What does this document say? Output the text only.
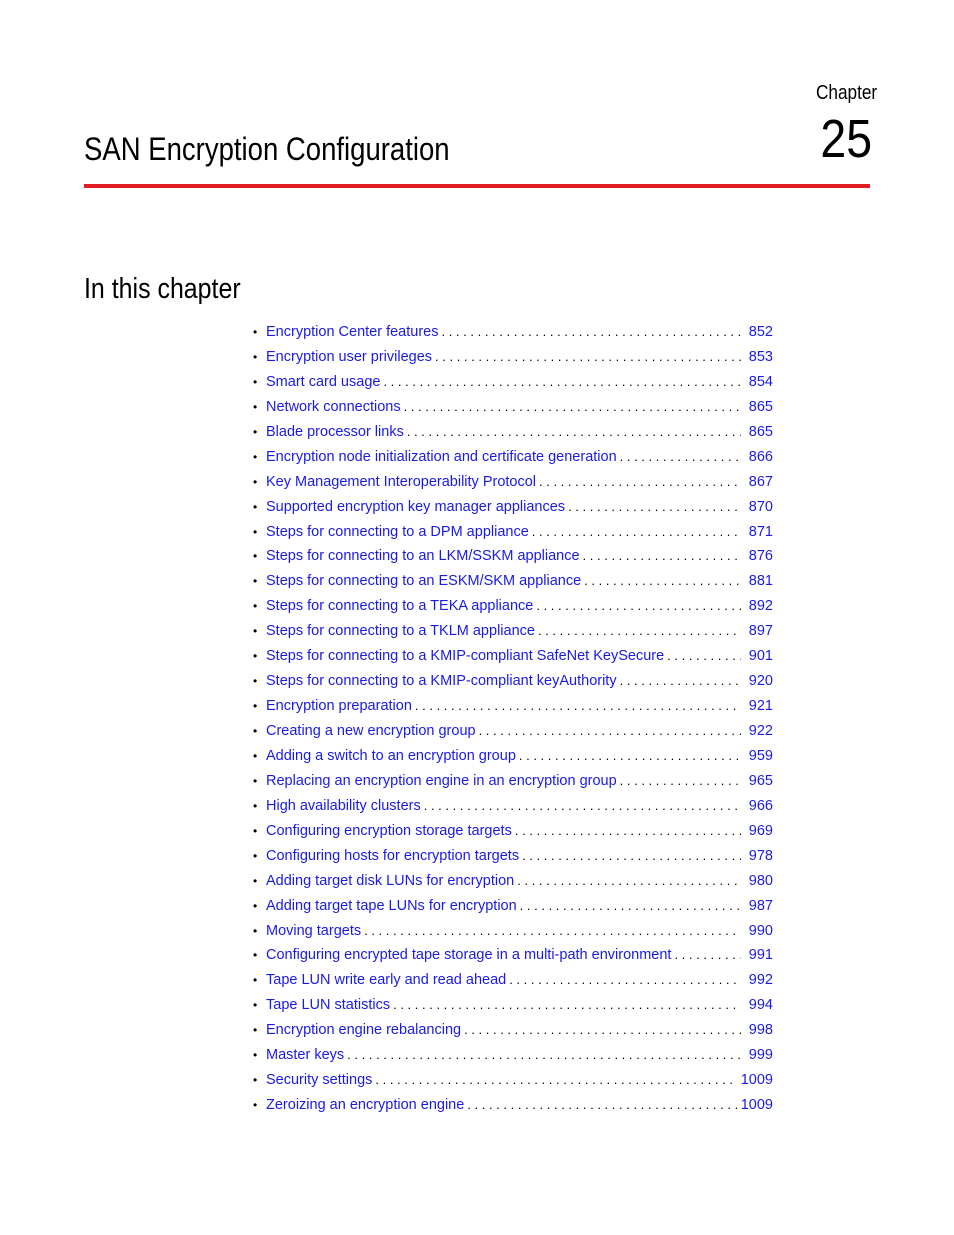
Chapter
25
SAN Encryption Configuration
In this chapter
• Encryption Center features . . .	852
• Encryption user privileges . . .	853
• Smart card usage . . .	854
• Network connections . . .	865
• Blade processor links . . .	865
• Encryption node initialization and certificate generation . . .	866
• Key Management Interoperability Protocol . . .	867
• Supported encryption key manager appliances . . .	870
• Steps for connecting to a DPM appliance . . .	871
• Steps for connecting to an LKM/SSKM appliance . . .	876
• Steps for connecting to an ESKM/SKM appliance . . .	881
• Steps for connecting to a TEKA appliance . . .	892
• Steps for connecting to a TKLM appliance . . .	897
• Steps for connecting to a KMIP-compliant SafeNet KeySecure . . .	901
• Steps for connecting to a KMIP-compliant keyAuthority . . .	920
• Encryption preparation . . .	921
• Creating a new encryption group . . .	922
• Adding a switch to an encryption group . . .	959
• Replacing an encryption engine in an encryption group . . .	965
• High availability clusters . . .	966
• Configuring encryption storage targets . . .	969
• Configuring hosts for encryption targets . . .	978
• Adding target disk LUNs for encryption . . .	980
• Adding target tape LUNs for encryption . . .	987
• Moving targets . . .	990
• Configuring encrypted tape storage in a multi-path environment . . .	991
• Tape LUN write early and read ahead . . .	992
• Tape LUN statistics . . .	994
• Encryption engine rebalancing . . .	998
• Master keys . . .	999
• Security settings . . .	1009
• Zeroizing an encryption engine . . .	1009
